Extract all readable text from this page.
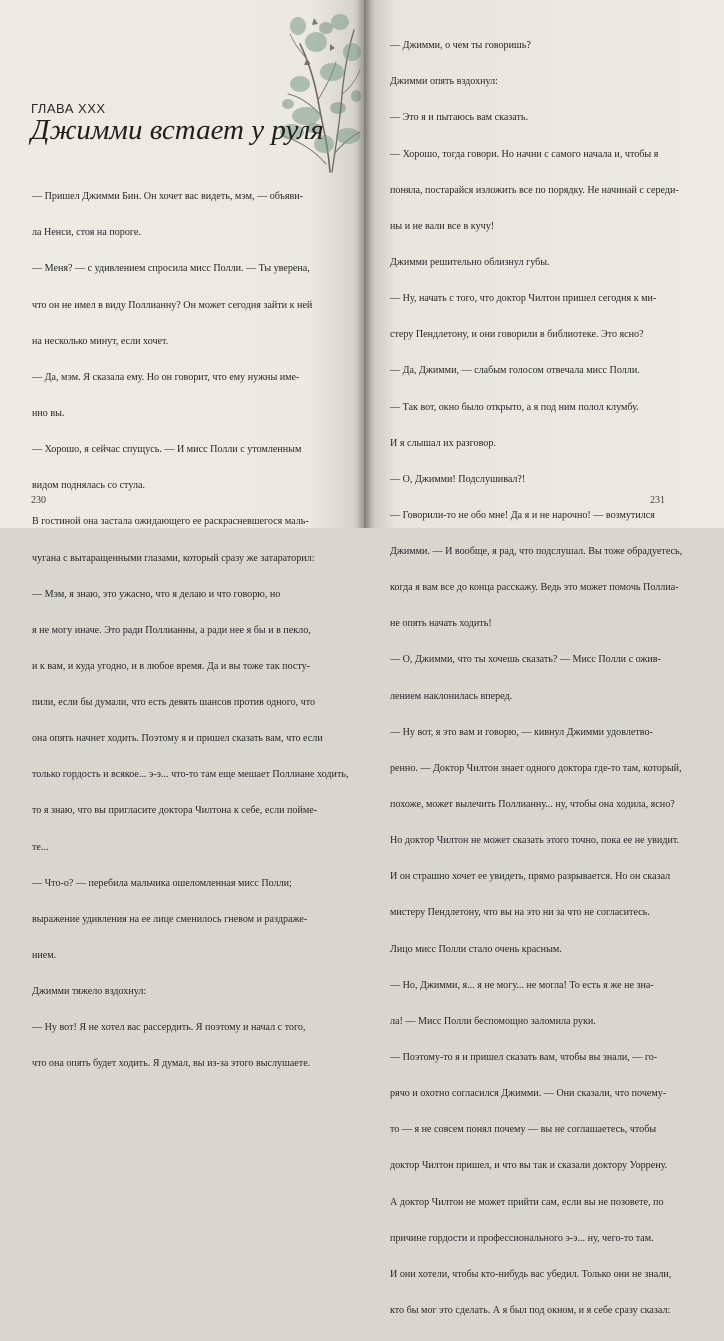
ГЛАВА XXX
Джимми встает у руля

— Пришел Джимми Бин. Он хочет вас видеть, мэм, — объяви-

ла Ненси, стоя на пороге.

— Меня? — с удивлением спросила мисс Полли. — Ты уверена,

что он не имел в виду Поллианну? Он может сегодня зайти к ней

на несколько минут, если хочет.

— Да, мэм. Я сказала ему. Но он говорит, что ему нужны име-

нно вы.

— Хорошо, я сейчас спущусь. — И мисс Полли с утомленным

видом поднялась со стула.

В гостиной она застала ожидающего ее раскрасневшегося маль-

чугана с вытаращенными глазами, который сразу же затараторил:

— Мэм, я знаю, это ужасно, что я делаю и что говорю, но

я не могу иначе. Это ради Поллианны, а ради нее я бы и в пекло,

и к вам, и куда угодно, и в любое время. Да и вы тоже так посту-

пили, если бы думали, что есть девять шансов против одного, что

она опять начнет ходить. Поэтому я и пришел сказать вам, что если

только гордость и всякое... э-э... что-то там еще мешает Поллиане ходить,

то я знаю, что вы пригласите доктора Чилтона к себе, если пойме-

те...

— Что-о? — перебила мальчика ошеломленная мисс Полли;

выражение удивления на ее лице сменилось гневом и раздраже-

нием.

Джимми тяжело вздохнул:

— Ну вот! Я не хотел вас рассердить. Я поэтому и начал с того,

что она опять будет ходить. Я думал, вы из-за этого выслушаете.

230

— Джимми, о чем ты говоришь?

Джимми опять вздохнул:

— Это я и пытаюсь вам сказать.

— Хорошо, тогда говори. Но начни с самого начала и, чтобы я

поняла, постарайся изложить все по порядку. Не начинай с середи-

ны и не вали все в кучу!

Джимми решительно облизнул губы.

— Ну, начать с того, что доктор Чилтон пришел сегодня к ми-

стеру Пендлетону, и они говорили в библиотеке. Это ясно?

— Да, Джимми, — слабым голосом отвечала мисс Полли.

— Так вот, окно было открыто, а я под ним полол клумбу.

И я слышал их разговор.

— О, Джимми! Подслушивал?!

— Говорили-то не обо мне! Да я и не нарочно! — возмутился

Джимми. — И вообще, я рад, что подслушал. Вы тоже обрадуетесь,

когда я вам все до конца расскажу. Ведь это может помочь Поллиа-

не опять начать ходить!

— О, Джимми, что ты хочешь сказать? — Мисс Полли с ожив-

лением наклонилась вперед.

— Ну вот, я это вам и говорю, — кивнул Джимми удовлетво-

ренно. — Доктор Чилтон знает одного доктора где-то там, который,

похоже, может вылечить Поллианну... ну, чтобы она ходила, ясно?

Но доктор Чилтон не может сказать этого точно, пока ее не увидит.

И он страшно хочет ее увидеть, прямо разрывается. Но он сказал

мистеру Пендлетону, что вы на это ни за что не согласитесь.

Лицо мисс Полли стало очень красным.

— Но, Джимми, я... я не могу... не могла! То есть я же не зна-

ла! — Мисс Полли беспомощно заломила руки.

— Поэтому-то я и пришел сказать вам, чтобы вы знали, — го-

рячо и охотно согласился Джимми. — Они сказали, что почему-

то — я не совсем понял почему — вы не соглашаетесь, чтобы

доктор Чилтон пришел, и что вы так и сказали доктору Уоррену.

А доктор Чилтон не может прийти сам, если вы не позовете, по

причине гордости и профессионального э-э... ну, чего-то там.

И они хотели, чтобы кто-нибудь вас убедил. Только они не знали,

кто бы мог это сделать. А я был под окном, и я себе сразу сказал:

231
